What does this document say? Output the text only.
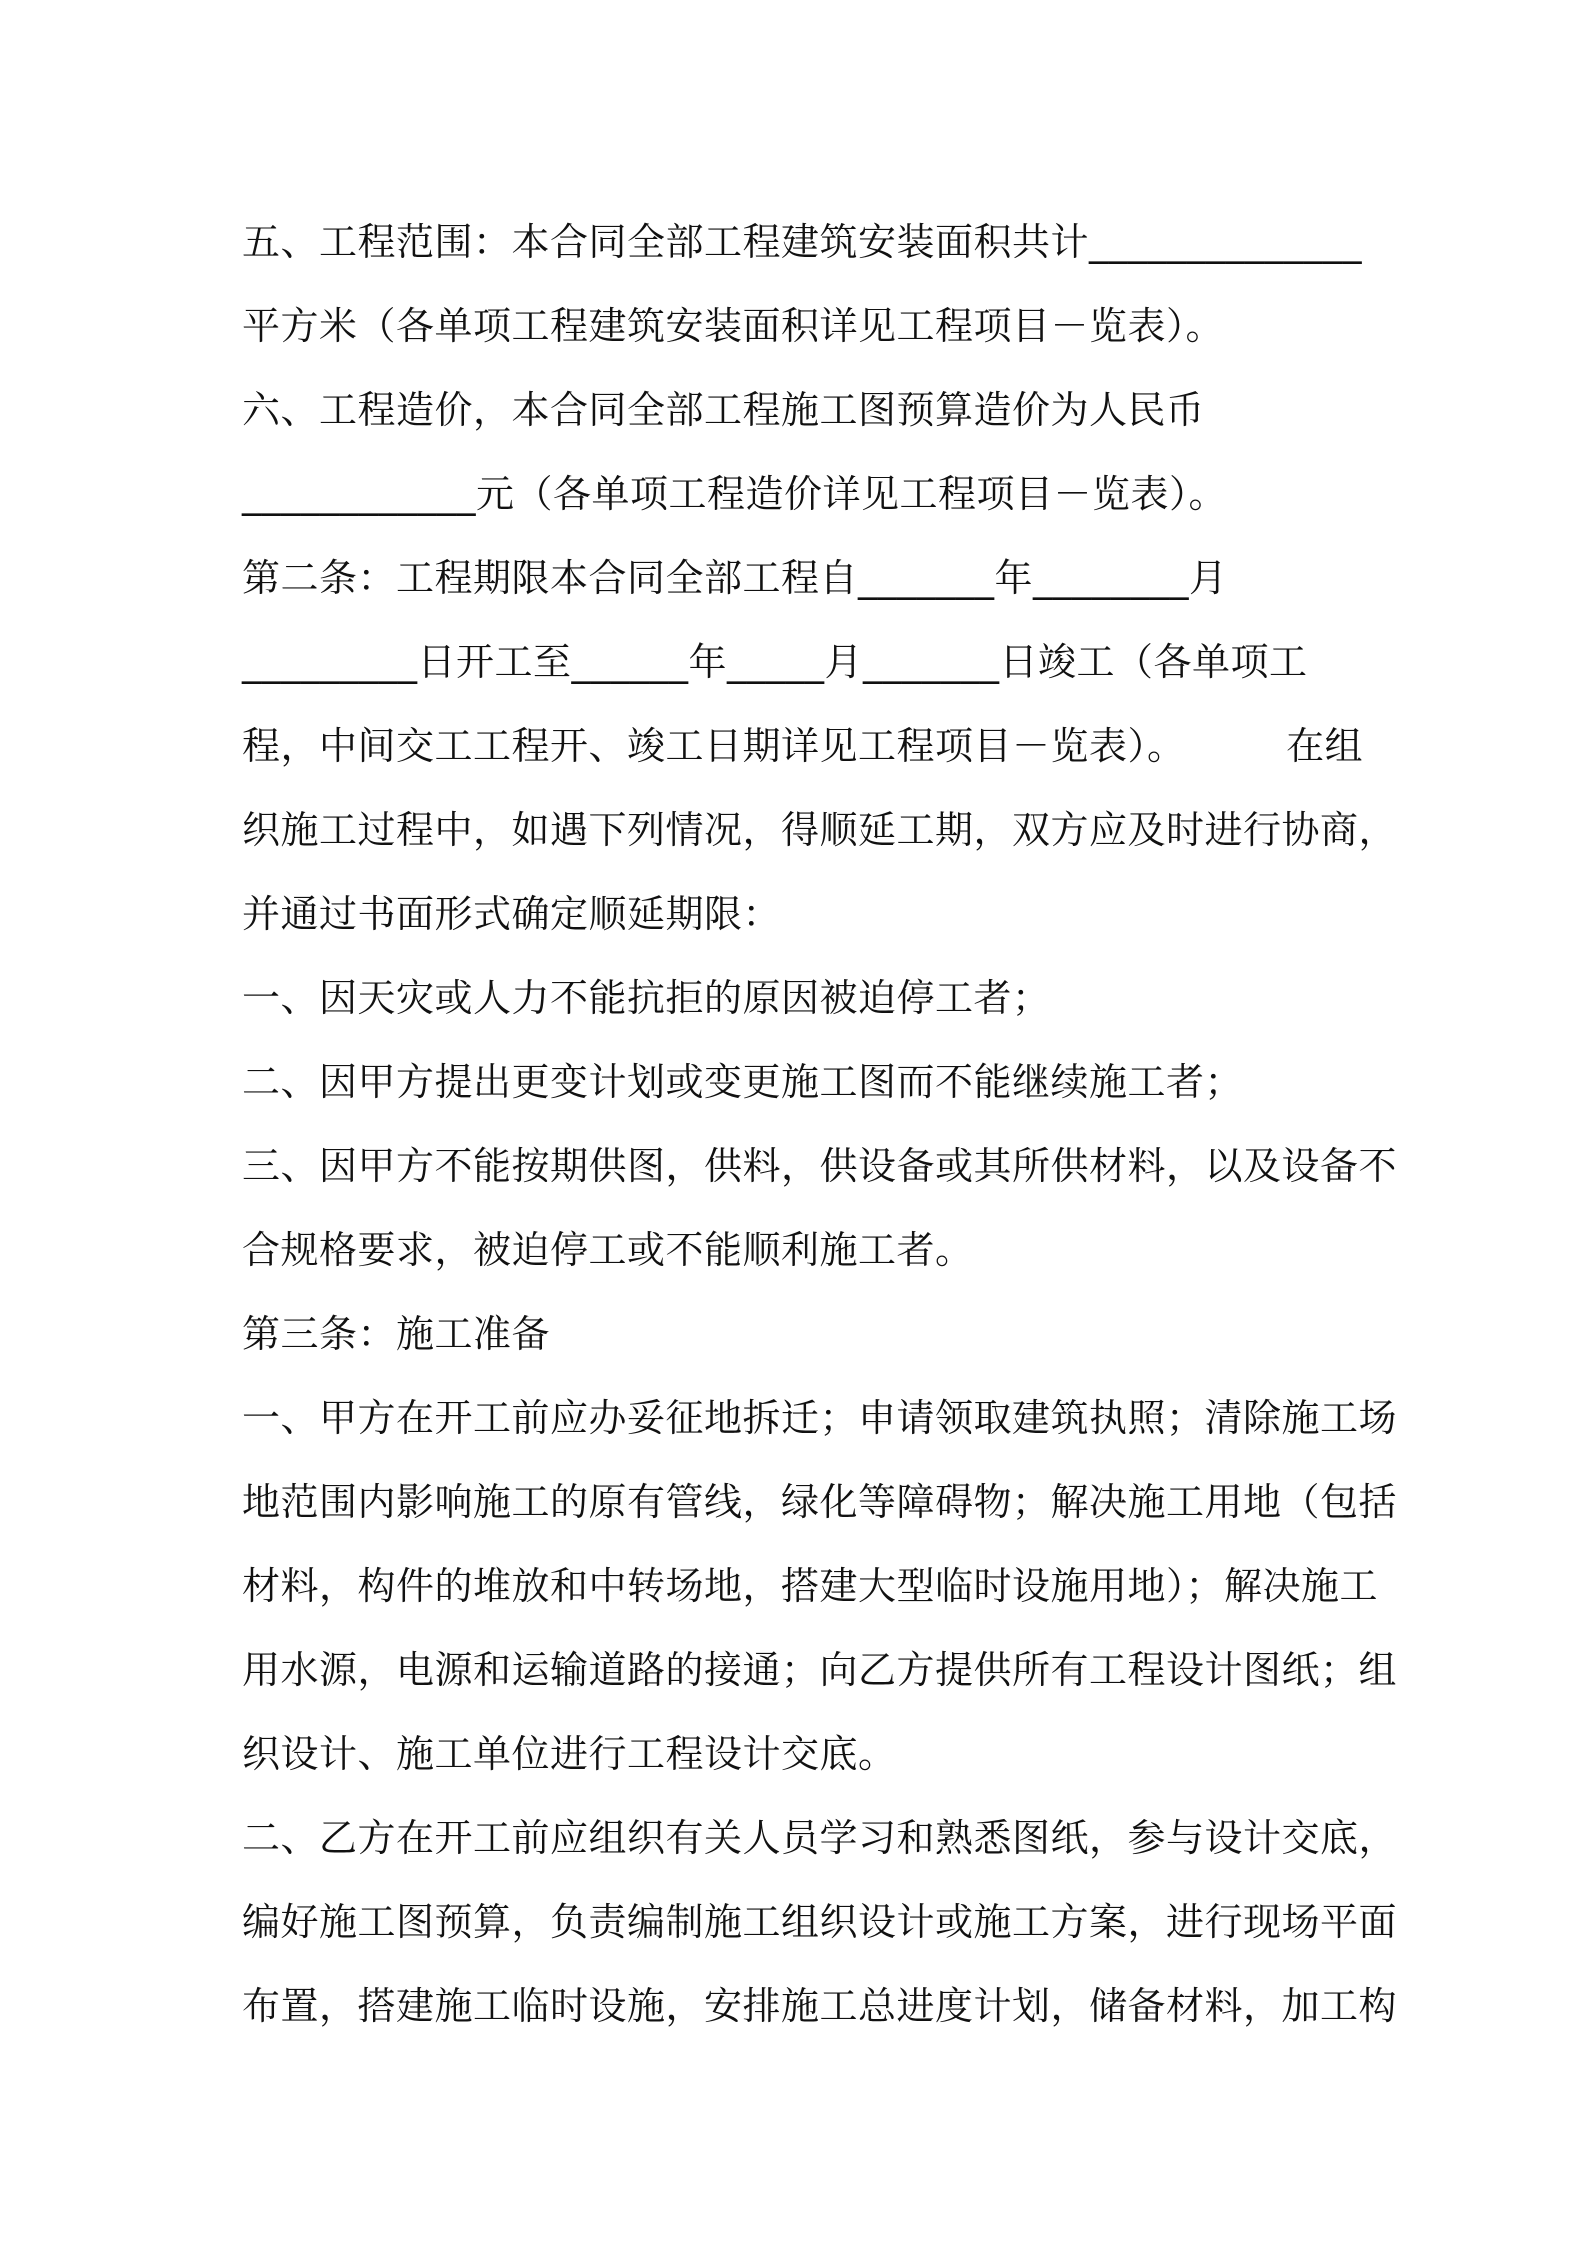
五、工程范围：本合同全部工程建筑安装面积共计______________
平方米（各单项工程建筑安装面积详见工程项目－览表）。
六、工程造价，本合同全部工程施工图预算造价为人民币
____________元（各单项工程造价详见工程项目－览表）。
第二条：工程期限本合同全部工程自_______年________月
_________日开工至______年_____月_______日竣工（各单项工
程，中间交工工程开、竣工日期详见工程项目－览表）。        在组
织施工过程中，如遇下列情况，得顺延工期，双方应及时进行协商，
并通过书面形式确定顺延期限：
一、因天灾或人力不能抗拒的原因被迫停工者；
二、因甲方提出更变计划或变更施工图而不能继续施工者；
三、因甲方不能按期供图，供料，供设备或其所供材料，以及设备不
合规格要求，被迫停工或不能顺利施工者。
第三条：施工准备
一、甲方在开工前应办妥征地拆迁；申请领取建筑执照；清除施工场
地范围内影响施工的原有管线，绿化等障碍物；解决施工用地（包括
材料，构件的堆放和中转场地，搭建大型临时设施用地）；解决施工
用水源，电源和运输道路的接通；向乙方提供所有工程设计图纸；组
织设计、施工单位进行工程设计交底。
二、乙方在开工前应组织有关人员学习和熟悉图纸，参与设计交底，
编好施工图预算，负责编制施工组织设计或施工方案，进行现场平面
布置，搭建施工临时设施，安排施工总进度计划，储备材料，加工构
